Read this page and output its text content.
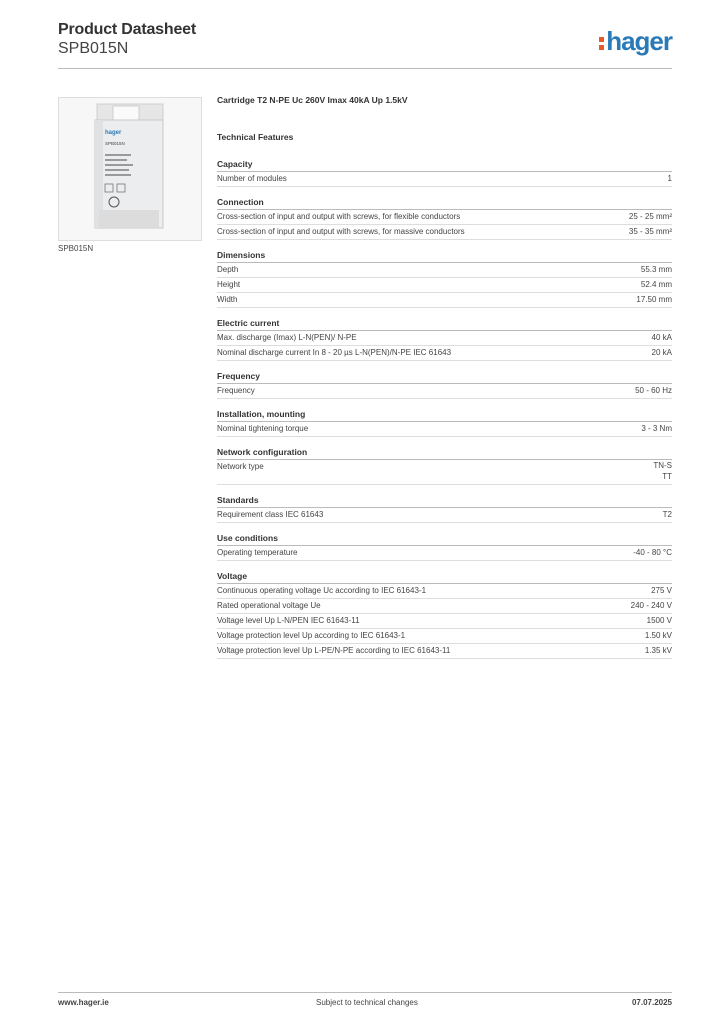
Product Datasheet
SPB015N	hager
hager
SPB015N
SPB015N
Cartridge T2 N-PE Uc 260V Imax 40kA Up 1.5kV
Technical Features
Capacity
Number of modules	1
Connection
Cross-section of input and output with screws, for flexible conductors	25 - 25 mm²
Cross-section of input and output with screws, for massive conductors	35 - 35 mm²
Dimensions
Depth	55.3 mm
Height	52.4 mm
Width	17.50 mm
Electric current
Max. discharge (Imax) L-N(PEN)/ N-PE	40 kA
Nominal discharge current In 8 - 20 µs L-N(PEN)/N-PE IEC 61643	20 kA
Frequency
Frequency	50 - 60 Hz
Installation, mounting
Nominal tightening torque	3 - 3 Nm
Network configuration
Network type	TN-S
TT
Standards
Requirement class IEC 61643	T2
Use conditions
Operating temperature	-40 - 80 °C
Voltage
Continuous operating voltage Uc according to IEC 61643-1	275 V
Rated operational voltage Ue	240 - 240 V
Voltage level Up L-N/PEN IEC 61643-11	1500 V
Voltage protection level Up according to IEC 61643-1	1.50 kV
Voltage protection level Up L-PE/N-PE according to IEC 61643-11	1.35 kV
www.hager.ie	Subject to technical changes	07.07.2025
